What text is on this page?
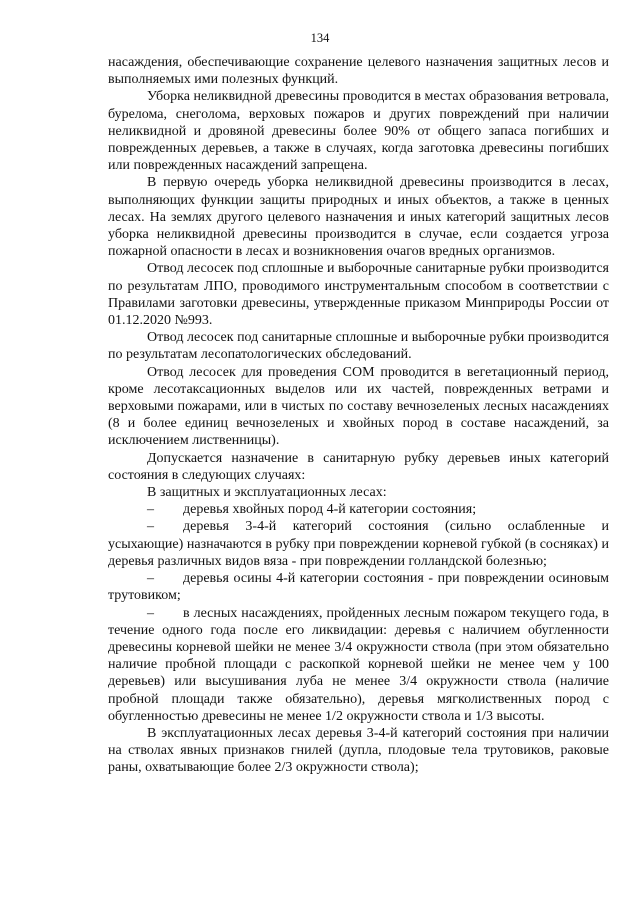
134

насаждения, обеспечивающие сохранение целевого назначения защитных лесов и выполняемых ими полезных функций.

Уборка неликвидной древесины проводится в местах образования ветровала, бурелома, снеголома, верховых пожаров и других повреждений при наличии неликвидной и дровяной древесины более 90% от общего запаса погибших и поврежденных деревьев, а также в случаях, когда заготовка древесины погибших или поврежденных насаждений запрещена.

В первую очередь уборка неликвидной древесины производится в лесах, выполняющих функции защиты природных и иных объектов, а также в ценных лесах. На землях другого целевого назначения и иных категорий защитных лесов уборка неликвидной древесины производится в случае, если создается угроза пожарной опасности в лесах и возникновения очагов вредных организмов.

Отвод лесосек под сплошные и выборочные санитарные рубки производится по результатам ЛПО, проводимого инструментальным способом в соответствии с Правилами заготовки древесины, утвержденные приказом Минприроды России от 01.12.2020 №993.

Отвод лесосек под санитарные сплошные и выборочные рубки производится по результатам лесопатологических обследований.

Отвод лесосек для проведения СОМ проводится в вегетационный период, кроме лесотаксационных выделов или их частей, поврежденных ветрами и верховыми пожарами, или в чистых по составу вечнозеленых лесных насаждениях (8 и более единиц вечнозеленых и хвойных пород в составе насаждений, за исключением лиственницы).

Допускается назначение в санитарную рубку деревьев иных категорий состояния в следующих случаях:

В защитных и эксплуатационных лесах:

– деревья хвойных пород 4-й категории состояния;

– деревья 3-4-й категорий состояния (сильно ослабленные и усыхающие) назначаются в рубку при повреждении корневой губкой (в сосняках) и деревья различных видов вяза - при повреждении голландской болезнью;

– деревья осины 4-й категории состояния - при повреждении осиновым трутовиком;

– в лесных насаждениях, пройденных лесным пожаром текущего года, в течение одного года после его ликвидации: деревья с наличием обугленности древесины корневой шейки не менее 3/4 окружности ствола (при этом обязательно наличие пробной площади с раскопкой корневой шейки не менее чем у 100 деревьев) или высушивания луба не менее 3/4 окружности ствола (наличие пробной площади также обязательно), деревья мягколиственных пород с обугленностью древесины не менее 1/2 окружности ствола и 1/3 высоты.

В эксплуатационных лесах деревья 3-4-й категорий состояния при наличии на стволах явных признаков гнилей (дупла, плодовые тела трутовиков, раковые раны, охватывающие более 2/3 окружности ствола);
